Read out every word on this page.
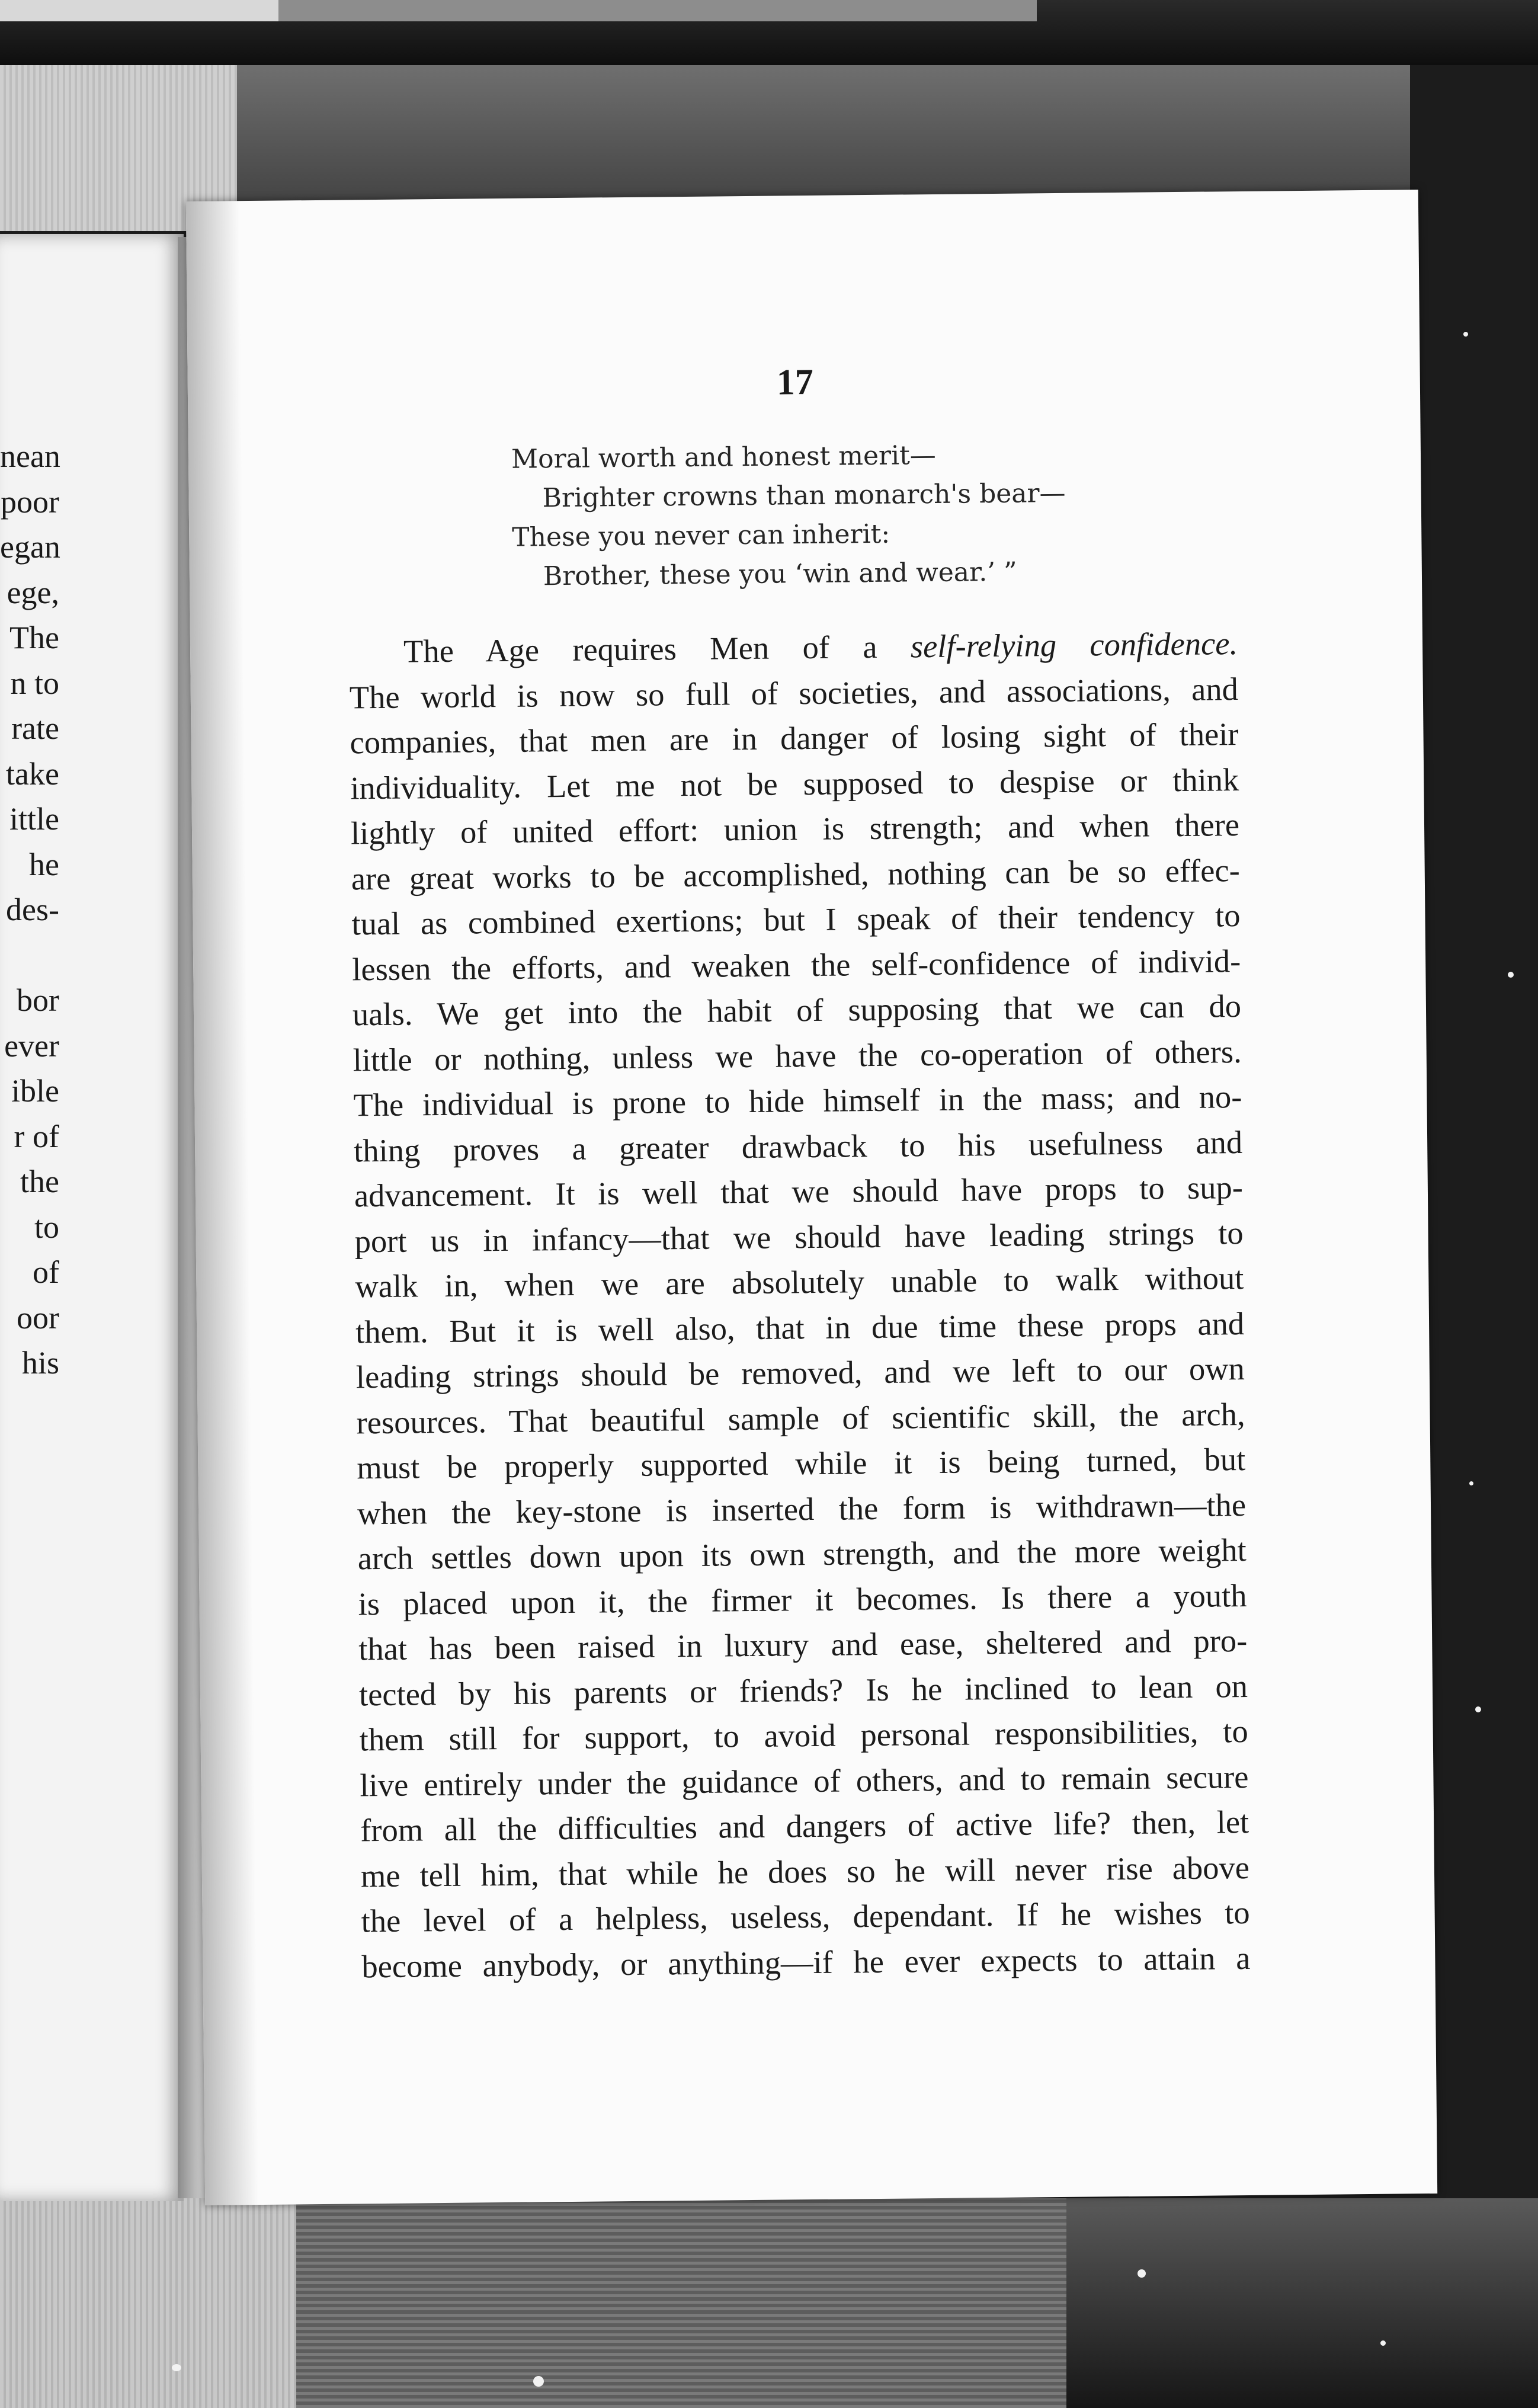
nean
poor
egan
ege,
The
n to
rate
take
ittle
he
des-
bor
ever
ible
r of
the
to
of
oor
his
17
Moral worth and honest merit—
Brighter crowns than monarch's bear—
These you never can inherit:
Brother, these you ‘win and wear.’ ”
The Age requires Men of a self-relying confidence.
The world is now so full of societies, and associations, and
companies, that men are in danger of losing sight of their
individuality. Let me not be supposed to despise or think
lightly of united effort: union is strength; and when there
are great works to be accomplished, nothing can be so effec-
tual as combined exertions; but I speak of their tendency to
lessen the efforts, and weaken the self-confidence of individ-
uals. We get into the habit of supposing that we can do
little or nothing, unless we have the co-operation of others.
The individual is prone to hide himself in the mass; and no-
thing proves a greater drawback to his usefulness and
advancement. It is well that we should have props to sup-
port us in infancy—that we should have leading strings to
walk in, when we are absolutely unable to walk without
them. But it is well also, that in due time these props and
leading strings should be removed, and we left to our own
resources. That beautiful sample of scientific skill, the arch,
must be properly supported while it is being turned, but
when the key-stone is inserted the form is withdrawn—the
arch settles down upon its own strength, and the more weight
is placed upon it, the firmer it becomes. Is there a youth
that has been raised in luxury and ease, sheltered and pro-
tected by his parents or friends? Is he inclined to lean on
them still for support, to avoid personal responsibilities, to
live entirely under the guidance of others, and to remain secure
from all the difficulties and dangers of active life? then, let
me tell him, that while he does so he will never rise above
the level of a helpless, useless, dependant. If he wishes to
become anybody, or anything—if he ever expects to attain a
